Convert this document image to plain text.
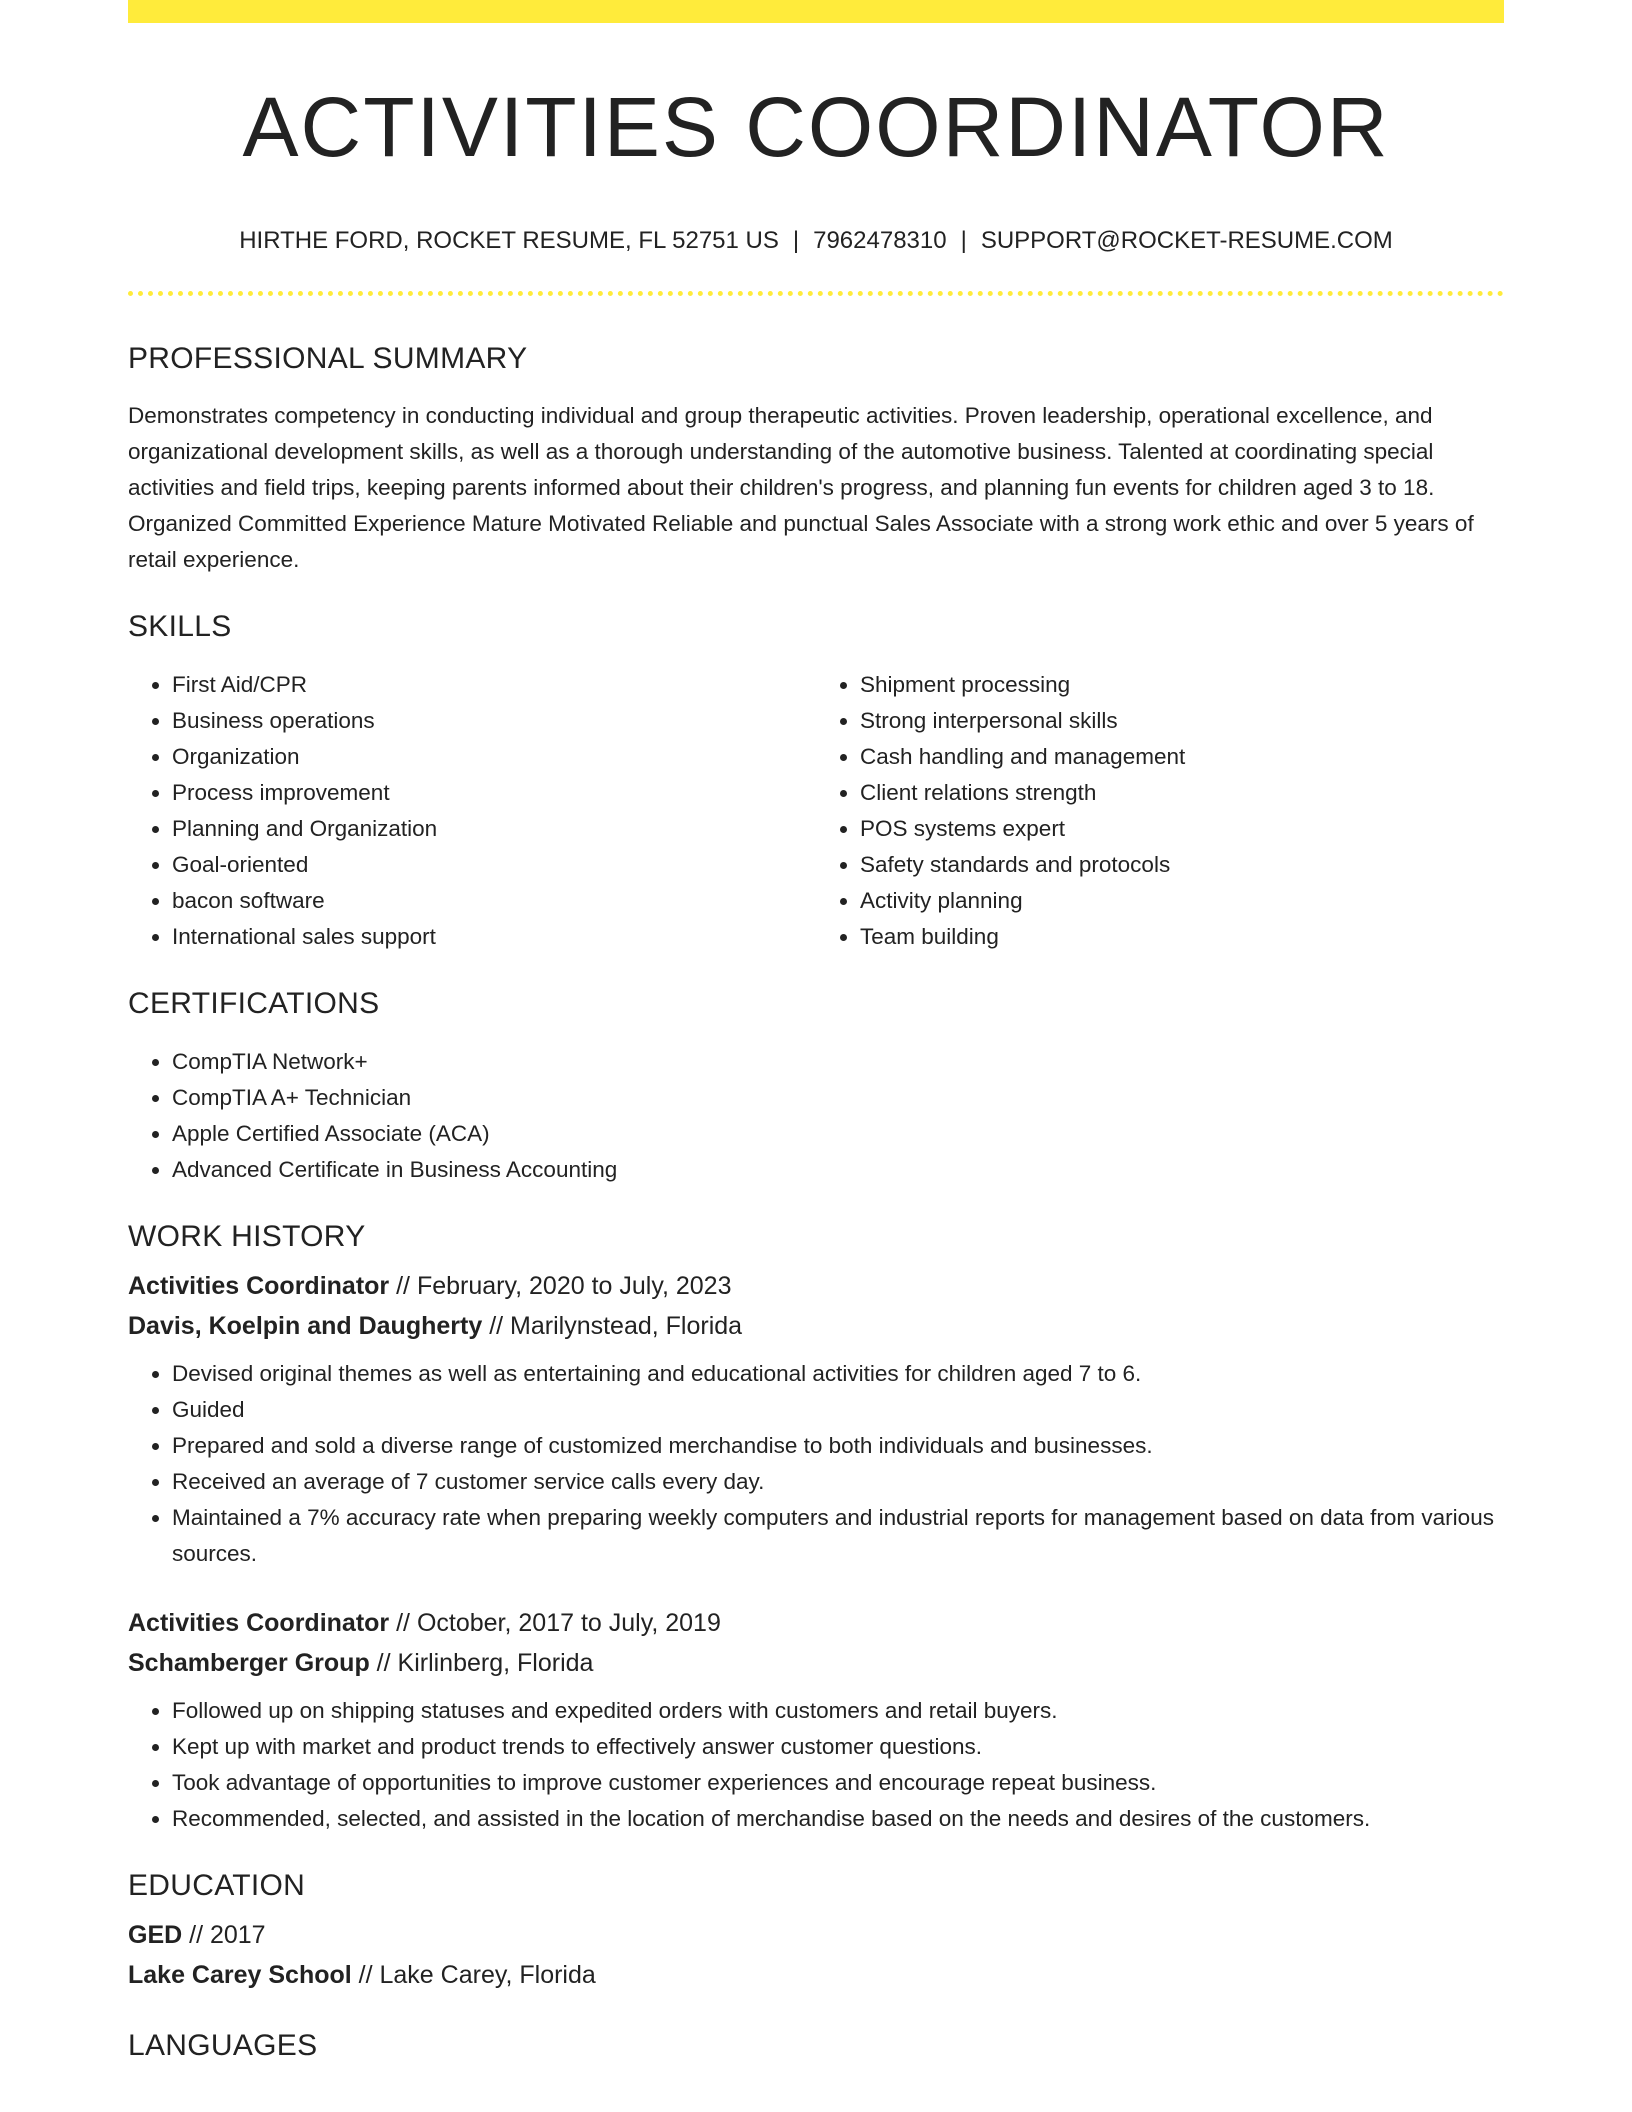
ACTIVITIES COORDINATOR
HIRTHE FORD, ROCKET RESUME, FL 52751 US | 7962478310 | SUPPORT@ROCKET-RESUME.COM
PROFESSIONAL SUMMARY

Demonstrates competency in conducting individual and group therapeutic activities. Proven leadership, operational excellence, and organizational development skills, as well as a thorough understanding of the automotive business. Talented at coordinating special activities and field trips, keeping parents informed about their children's progress, and planning fun events for children aged 3 to 18. Organized Committed Experience Mature Motivated Reliable and punctual Sales Associate with a strong work ethic and over 5 years of retail experience.

SKILLS
• First Aid/CPR
• Business operations
• Organization
• Process improvement
• Planning and Organization
• Goal-oriented
• bacon software
• International sales support
• Shipment processing
• Strong interpersonal skills
• Cash handling and management
• Client relations strength
• POS systems expert
• Safety standards and protocols
• Activity planning
• Team building
CERTIFICATIONS
• CompTIA Network+
• CompTIA A+ Technician
• Apple Certified Associate (ACA)
• Advanced Certificate in Business Accounting
WORK HISTORY
Activities Coordinator // February, 2020 to July, 2023
Davis, Koelpin and Daugherty // Marilynstead, Florida
• Devised original themes as well as entertaining and educational activities for children aged 7 to 6.
• Guided
• Prepared and sold a diverse range of customized merchandise to both individuals and businesses.
• Received an average of 7 customer service calls every day.
• Maintained a 7% accuracy rate when preparing weekly computers and industrial reports for management based on data from various sources.
Activities Coordinator // October, 2017 to July, 2019
Schamberger Group // Kirlinberg, Florida
• Followed up on shipping statuses and expedited orders with customers and retail buyers.
• Kept up with market and product trends to effectively answer customer questions.
• Took advantage of opportunities to improve customer experiences and encourage repeat business.
• Recommended, selected, and assisted in the location of merchandise based on the needs and desires of the customers.
EDUCATION
GED // 2017
Lake Carey School // Lake Carey, Florida
LANGUAGES
